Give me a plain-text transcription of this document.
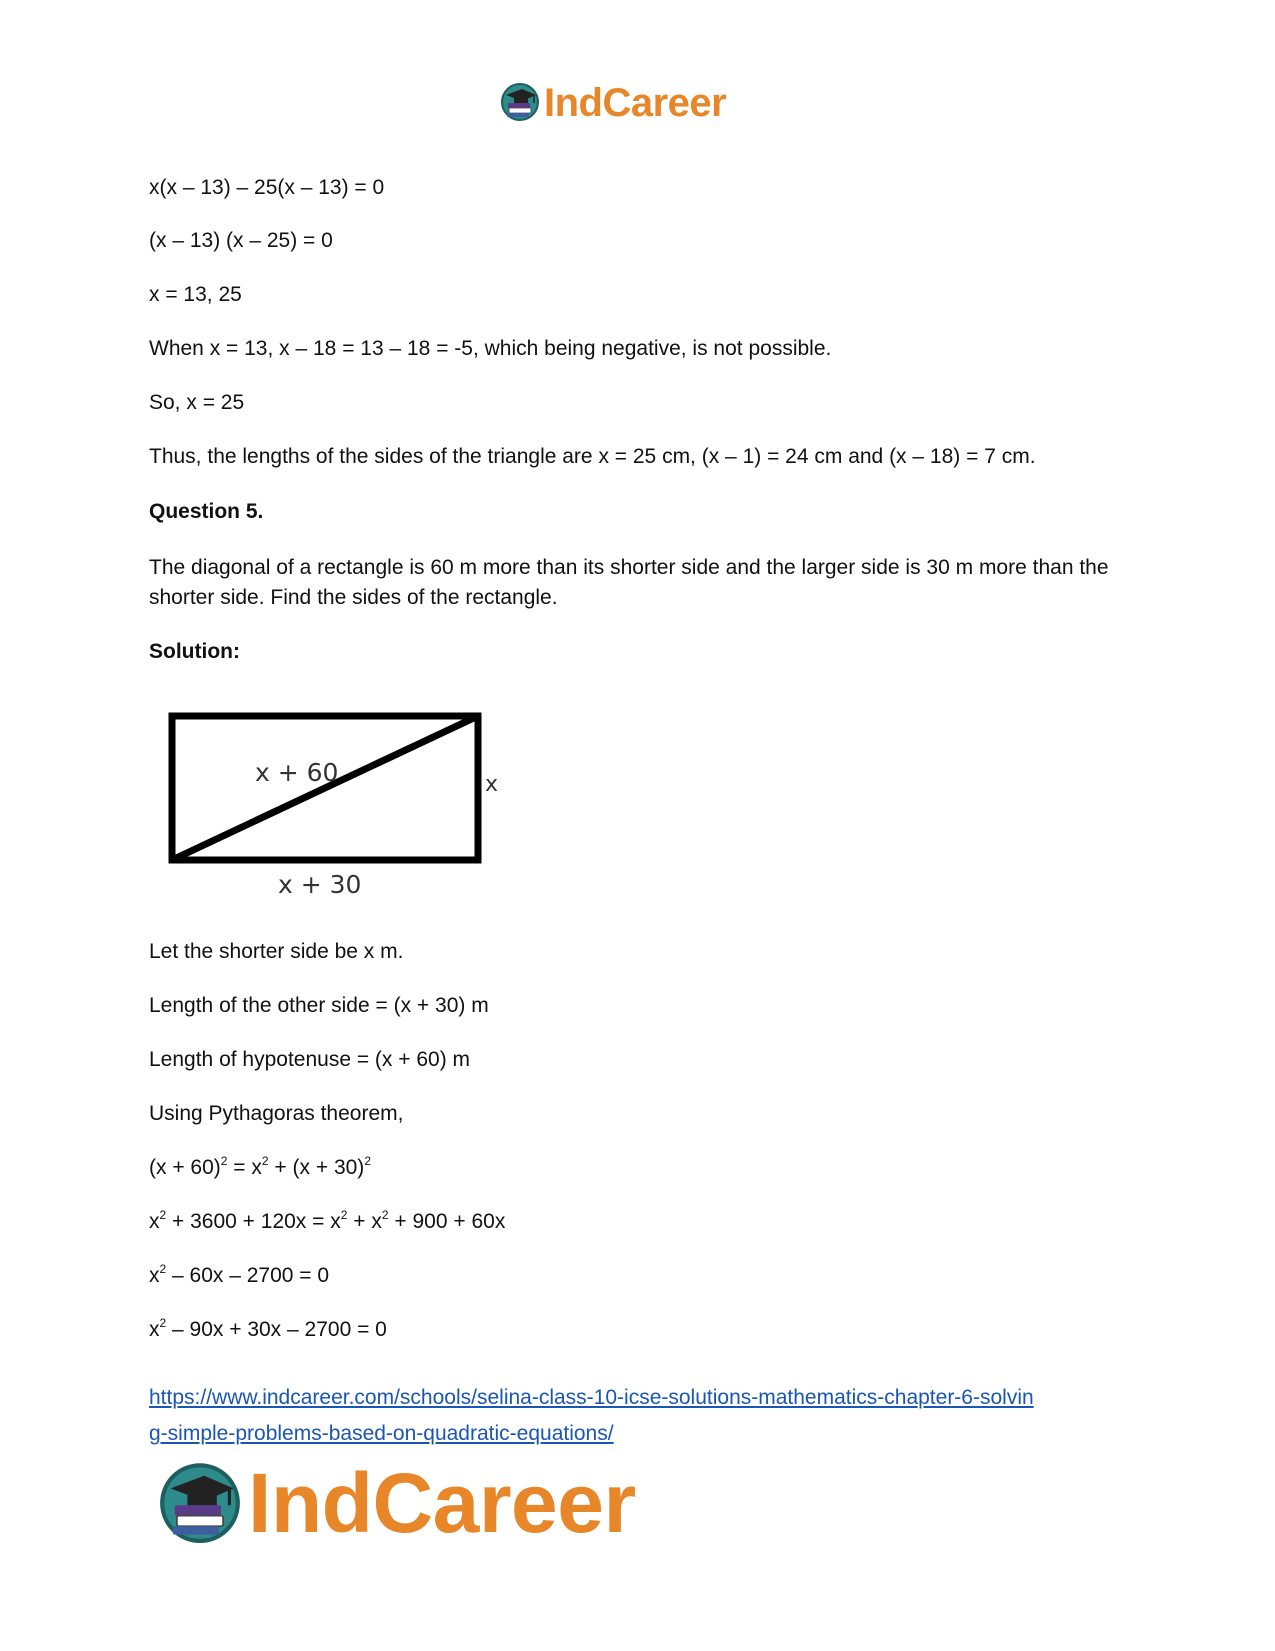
IndCareer
x(x – 13) – 25(x – 13) = 0
(x – 13) (x – 25) = 0
x = 13, 25
When x = 13, x – 18 = 13 – 18 = -5, which being negative, is not possible.
So, x = 25
Thus, the lengths of the sides of the triangle are x = 25 cm, (x – 1) = 24 cm and (x – 18) = 7 cm.
Question 5.
The diagonal of a rectangle is 60 m more than its shorter side and the larger side is 30 m more than the shorter side. Find the sides of the rectangle.
Solution:
x + 60	x
x + 30
Let the shorter side be x m.
Length of the other side = (x + 30) m
Length of hypotenuse = (x + 60) m
Using Pythagoras theorem,
$(x + 60)^2 = x^2 + (x + 30)^2$
$x^2 + 3600 + 120x = x^2 + x^2 + 900 + 60x$
$x^2 - 60x - 2700 = 0$
$x^2 - 90x + 30x - 2700 = 0$
https://www.indcareer.com/schools/selina-class-10-icse-solutions-mathematics-chapter-6-solvin
g-simple-problems-based-on-quadratic-equations/
IndCareer
